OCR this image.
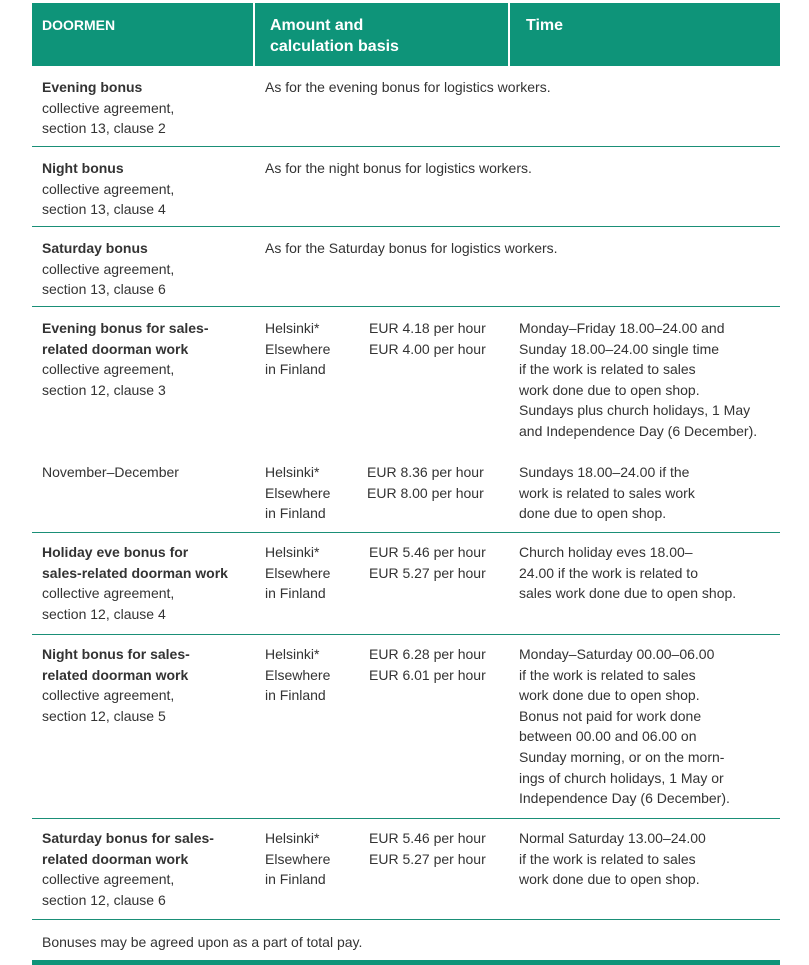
DOORMEN	Amount and
calculation basis
Time
Evening bonus
collective agreement,
section 13, clause 2
As for the evening bonus for logistics workers.
Night bonus
collective agreement,
section 13, clause 4
As for the night bonus for logistics workers.
Saturday bonus
collective agreement,
section 13, clause 6
As for the Saturday bonus for logistics workers.
Evening bonus for sales-
related doorman work
collective agreement,
section 12, clause 3
Helsinki*
Elsewhere
in Finland
EUR 4.18 per hour
EUR 4.00 per hour
Monday–Friday 18.00–24.00 and
Sunday 18.00–24.00 single time
if the work is related to sales
work done due to open shop.
Sundays plus church holidays, 1 May
and Independence Day (6 December).
November–December	Helsinki*
Elsewhere
in Finland
EUR 8.36 per hour
EUR 8.00 per hour
Sundays 18.00–24.00 if the
work is related to sales work
done due to open shop.
Holiday eve bonus for
sales-related doorman work
collective agreement,
section 12, clause 4
Helsinki*
Elsewhere
in Finland
EUR 5.46 per hour
EUR 5.27 per hour
Church holiday eves 18.00–
24.00 if the work is related to
sales work done due to open shop.
Night bonus for sales-
related doorman work
collective agreement,
section 12, clause 5
Helsinki*
Elsewhere
in Finland
EUR 6.28 per hour
EUR 6.01 per hour
Monday–Saturday 00.00–06.00
if the work is related to sales
work done due to open shop.
Bonus not paid for work done
between 00.00 and 06.00 on
Sunday morning, or on the morn-
ings of church holidays, 1 May or
Independence Day (6 December).
Saturday bonus for sales-
related doorman work
collective agreement,
section 12, clause 6
Helsinki*
Elsewhere
in Finland
EUR 5.46 per hour
EUR 5.27 per hour
Normal Saturday 13.00–24.00
if the work is related to sales
work done due to open shop.
Bonuses may be agreed upon as a part of total pay.
